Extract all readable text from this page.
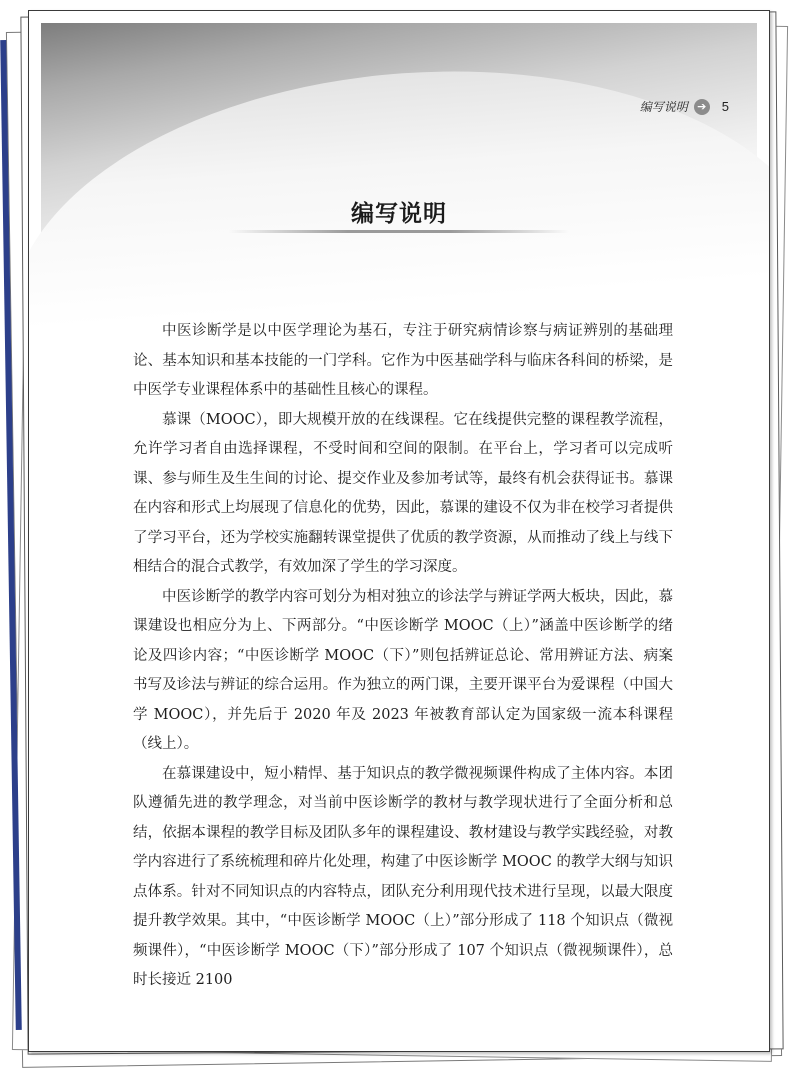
编写说明 ➔ 5
编写说明

中医诊断学是以中医学理论为基石，专注于研究病情诊察与病证辨别的基础理论、基本知识和基本技能的一门学科。它作为中医基础学科与临床各科间的桥梁，是中医学专业课程体系中的基础性且核心的课程。

慕课（MOOC），即大规模开放的在线课程。它在线提供完整的课程教学流程，允许学习者自由选择课程，不受时间和空间的限制。在平台上，学习者可以完成听课、参与师生及生生间的讨论、提交作业及参加考试等，最终有机会获得证书。慕课在内容和形式上均展现了信息化的优势，因此，慕课的建设不仅为非在校学习者提供了学习平台，还为学校实施翻转课堂提供了优质的教学资源，从而推动了线上与线下相结合的混合式教学，有效加深了学生的学习深度。

中医诊断学的教学内容可划分为相对独立的诊法学与辨证学两大板块，因此，慕课建设也相应分为上、下两部分。“中医诊断学 MOOC（上）”涵盖中医诊断学的绪论及四诊内容；“中医诊断学 MOOC（下）”则包括辨证总论、常用辨证方法、病案书写及诊法与辨证的综合运用。作为独立的两门课，主要开课平台为爱课程（中国大学 MOOC），并先后于 2020 年及 2023 年被教育部认定为国家级一流本科课程（线上）。

在慕课建设中，短小精悍、基于知识点的教学微视频课件构成了主体内容。本团队遵循先进的教学理念，对当前中医诊断学的教材与教学现状进行了全面分析和总结，依据本课程的教学目标及团队多年的课程建设、教材建设与教学实践经验，对教学内容进行了系统梳理和碎片化处理，构建了中医诊断学 MOOC 的教学大纲与知识点体系。针对不同知识点的内容特点，团队充分利用现代技术进行呈现，以最大限度提升教学效果。其中，“中医诊断学 MOOC（上）”部分形成了 118 个知识点（微视频课件），“中医诊断学 MOOC（下）”部分形成了 107 个知识点（微视频课件），总时长接近 2100
